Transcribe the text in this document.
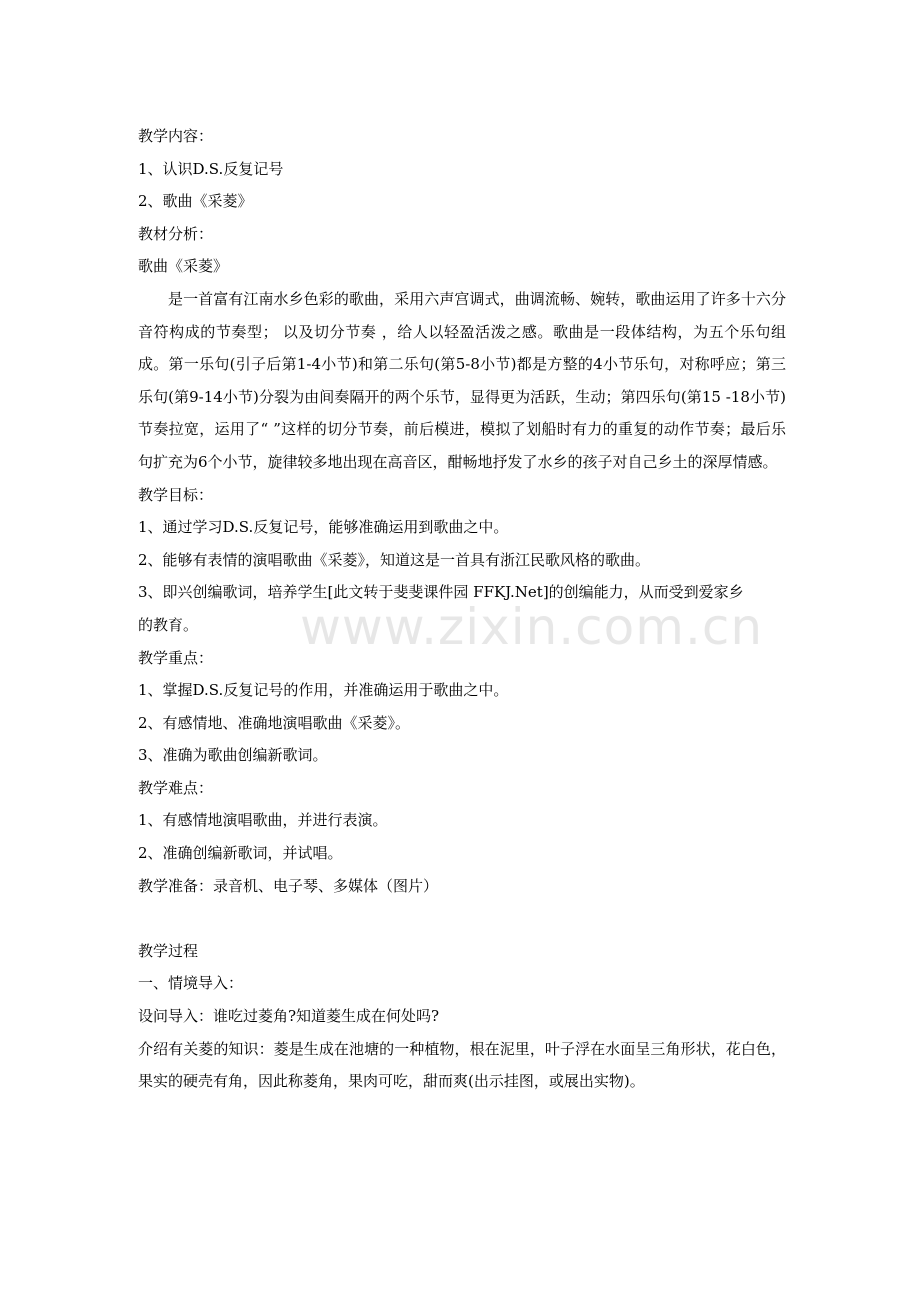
教学内容：
1、认识D.S.反复记号
2、歌曲《采菱》
教材分析：
歌曲《采菱》
是一首富有江南水乡色彩的歌曲，采用六声宫调式，曲调流畅、婉转，歌曲运用了许多十六分音符构成的节奏型； 以及切分节奏 ，给人以轻盈活泼之感。歌曲是一段体结构，为五个乐句组成。第一乐句(引子后第1-4小节)和第二乐句(第5-8小节)都是方整的4小节乐句，对称呼应；第三乐句(第9-14小节)分裂为由间奏隔开的两个乐节，显得更为活跃，生动；第四乐句(第15 -18小节)节奏拉宽，运用了“ ”这样的切分节奏，前后模进，模拟了划船时有力的重复的动作节奏；最后乐句扩充为6个小节，旋律较多地出现在高音区，酣畅地抒发了水乡的孩子对自己乡土的深厚情感。
教学目标：
1、通过学习D.S.反复记号，能够准确运用到歌曲之中。
2、能够有表情的演唱歌曲《采菱》，知道这是一首具有浙江民歌风格的歌曲。
3、即兴创编歌词，培养学生[此文转于斐斐课件园 FFKJ.Net]的创编能力，从而受到爱家乡
的教育。
教学重点：
1、掌握D.S.反复记号的作用，并准确运用于歌曲之中。
2、有感情地、准确地演唱歌曲《采菱》。
3、准确为歌曲创编新歌词。
教学难点：
1、有感情地演唱歌曲，并进行表演。
2、准确创编新歌词，并试唱。
教学准备：录音机、电子琴、多媒体（图片）
教学过程
一、情境导入：
设问导入：谁吃过菱角?知道菱生成在何处吗?
介绍有关菱的知识：菱是生成在池塘的一种植物，根在泥里，叶子浮在水面呈三角形状，花白色，果实的硬壳有角，因此称菱角，果肉可吃，甜而爽(出示挂图，或展出实物)。
www.zixin.com.cn
